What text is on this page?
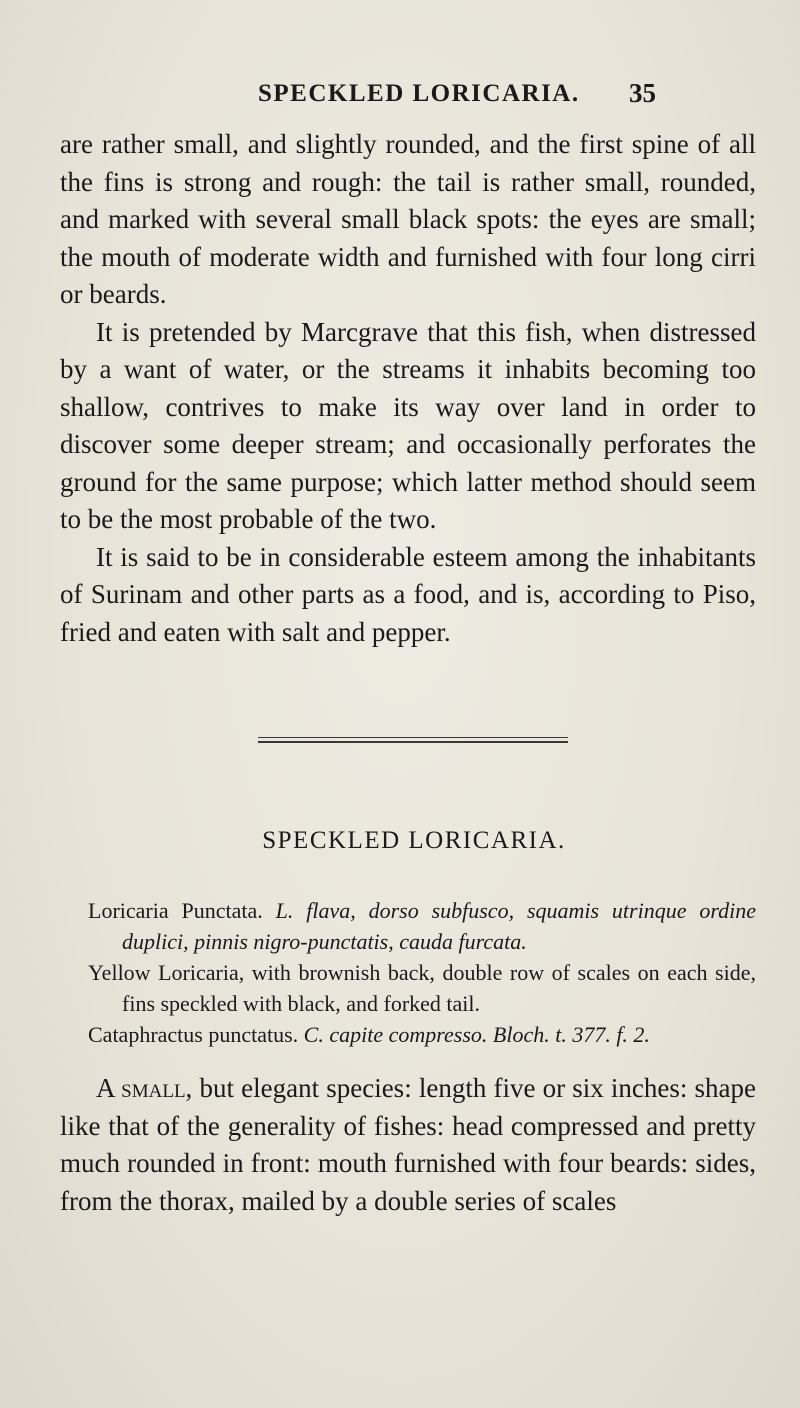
SPECKLED LORICARIA. 35

are rather small, and slightly rounded, and the first spine of all the fins is strong and rough: the tail is rather small, rounded, and marked with several small black spots: the eyes are small; the mouth of moderate width and furnished with four long cirri or beards.

It is pretended by Marcgrave that this fish, when distressed by a want of water, or the streams it inhabits becoming too shallow, contrives to make its way over land in order to discover some deeper stream; and occasionally perforates the ground for the same purpose; which latter method should seem to be the most probable of the two.

It is said to be in considerable esteem among the inhabitants of Surinam and other parts as a food, and is, according to Piso, fried and eaten with salt and pepper.

SPECKLED LORICARIA.

Loricaria Punctata. L. flava, dorso subfusco, squamis utrinque ordine duplici, pinnis nigro-punctatis, cauda furcata.

Yellow Loricaria, with brownish back, double row of scales on each side, fins speckled with black, and forked tail.

Cataphractus punctatus. C. capite compresso. Bloch. t. 377. f. 2.

A small, but elegant species: length five or six inches: shape like that of the generality of fishes: head compressed and pretty much rounded in front: mouth furnished with four beards: sides, from the thorax, mailed by a double series of scales
